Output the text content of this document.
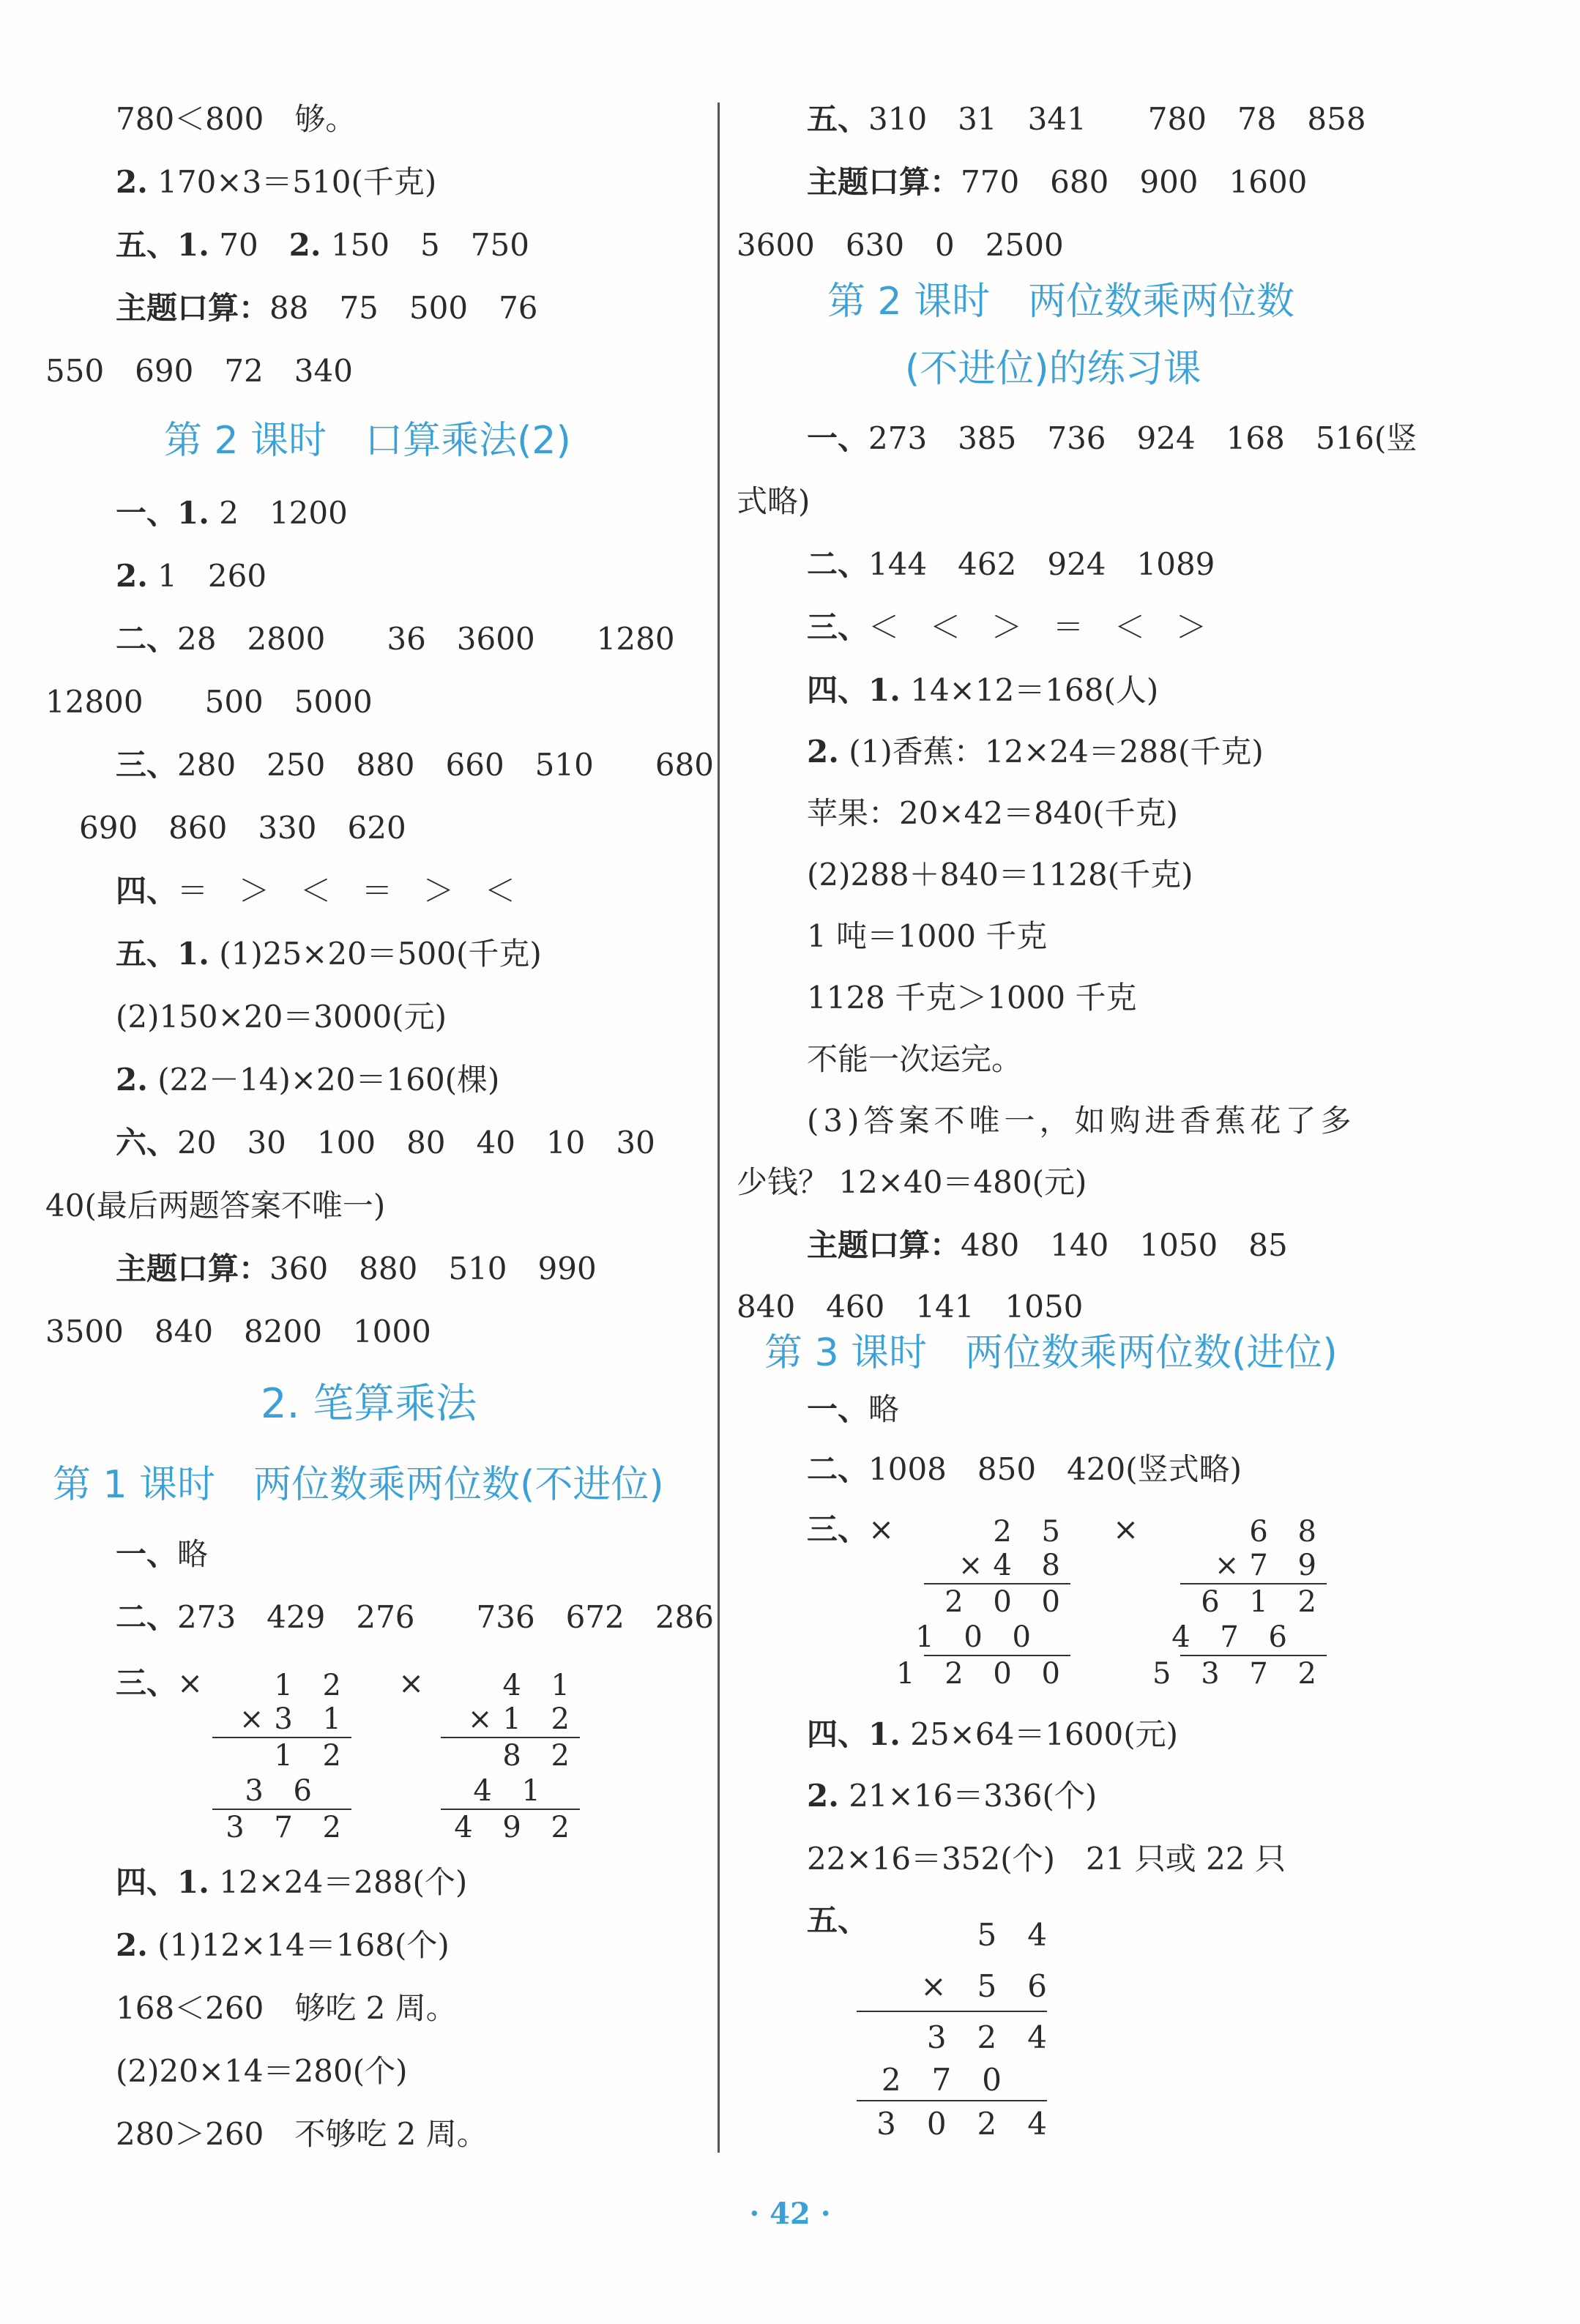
780＜800　够。
2. 170×3＝510(千克)
五、1. 70　2. 150　5　750
主题口算：88　75　500　76
550　690　72　340
第 2 课时　口算乘法(2)
一、1. 2　1200
2. 1　260
二、28　2800　　36　3600　　1280
12800　　500　5000
三、280　250　880　660　510　　680
690　860　330　620
四、＝　＞　＜　＝　＞　＜
五、1. (1)25×20＝500(千克)
(2)150×20＝3000(元)
2. (22－14)×20＝160(棵)
六、20　30　100　80　40　10　30
40(最后两题答案不唯一)
主题口算：360　880　510　990
3500　840　8200　1000
2. 笔算乘法
第 1 课时　两位数乘两位数(不进位)
一、略
二、273　429　276　　736　672　286
三、×	×
1 2
×3 1
1 2
3 6
3 7 2
4 1
×1 2
8 2
4 1
4 9 2
四、1. 12×24＝288(个)
2. (1)12×14＝168(个)
168＜260　够吃 2 周。
(2)20×14＝280(个)
280＞260　不够吃 2 周。
五、310　31　341　　780　78　858
主题口算：770　680　900　1600
3600　630　0　2500
第 2 课时　两位数乘两位数
(不进位)的练习课
一、273　385　736　924　168　516(竖
式略)
二、144　462　924　1089
三、＜　＜　＞　＝　＜　＞
四、1. 14×12＝168(人)
2. (1)香蕉：12×24＝288(千克)
苹果：20×42＝840(千克)
(2)288＋840＝1128(千克)
1 吨＝1000 千克
1128 千克＞1000 千克
不能一次运完。
(3)答案不唯一，如购进香蕉花了多
少钱？ 12×40＝480(元)
主题口算：480　140　1050　85
840　460　141　1050
第 3 课时　两位数乘两位数(进位)
一、略
二、1008　850　420(竖式略)
三、×	×
2 5
×4 8
2 0 0
1 0 0
1 2 0 0
6 8
×7 9
6 1 2
4 7 6
5 3 7 2
四、1. 25×64＝1600(元)
2. 21×16＝336(个)
22×16＝352(个)　21 只或 22 只
五、	5　4
×　5　6
3　2　4
2　7　0
3　0　2　4
· 42 ·
